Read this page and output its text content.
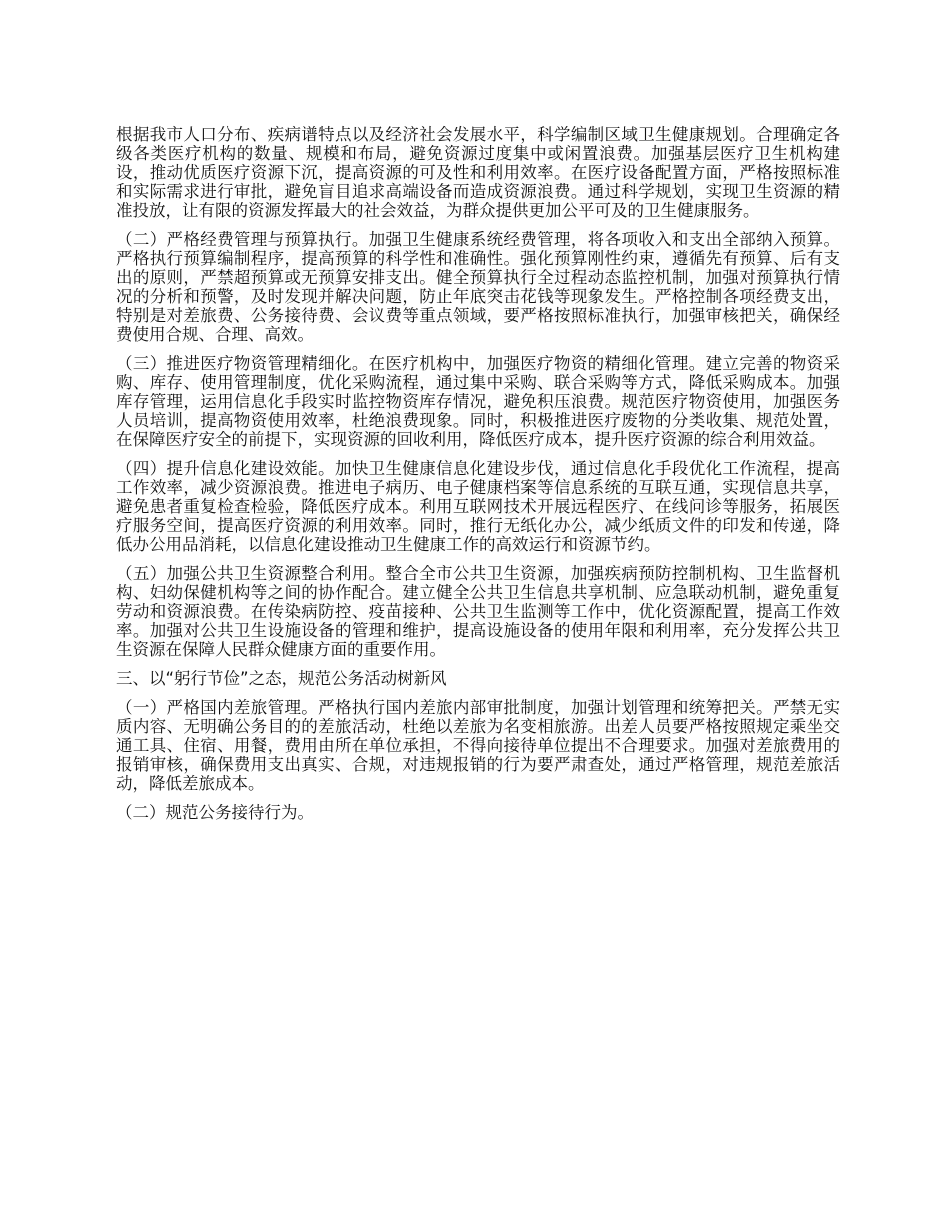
根据我市人口分布、疾病谱特点以及经济社会发展水平，科学编制区域卫生健康规划。合理确定各级各类医疗机构的数量、规模和布局，避免资源过度集中或闲置浪费。加强基层医疗卫生机构建设，推动优质医疗资源下沉，提高资源的可及性和利用效率。在医疗设备配置方面，严格按照标准和实际需求进行审批，避免盲目追求高端设备而造成资源浪费。通过科学规划，实现卫生资源的精准投放，让有限的资源发挥最大的社会效益，为群众提供更加公平可及的卫生健康服务。

（二）严格经费管理与预算执行。加强卫生健康系统经费管理，将各项收入和支出全部纳入预算。严格执行预算编制程序，提高预算的科学性和准确性。强化预算刚性约束，遵循先有预算、后有支出的原则，严禁超预算或无预算安排支出。健全预算执行全过程动态监控机制，加强对预算执行情况的分析和预警，及时发现并解决问题，防止年底突击花钱等现象发生。严格控制各项经费支出，特别是对差旅费、公务接待费、会议费等重点领域，要严格按照标准执行，加强审核把关，确保经费使用合规、合理、高效。

（三）推进医疗物资管理精细化。在医疗机构中，加强医疗物资的精细化管理。建立完善的物资采购、库存、使用管理制度，优化采购流程，通过集中采购、联合采购等方式，降低采购成本。加强库存管理，运用信息化手段实时监控物资库存情况，避免积压浪费。规范医疗物资使用，加强医务人员培训，提高物资使用效率，杜绝浪费现象。同时，积极推进医疗废物的分类收集、规范处置，在保障医疗安全的前提下，实现资源的回收利用，降低医疗成本，提升医疗资源的综合利用效益。

（四）提升信息化建设效能。加快卫生健康信息化建设步伐，通过信息化手段优化工作流程，提高工作效率，减少资源浪费。推进电子病历、电子健康档案等信息系统的互联互通，实现信息共享，避免患者重复检查检验，降低医疗成本。利用互联网技术开展远程医疗、在线问诊等服务，拓展医疗服务空间，提高医疗资源的利用效率。同时，推行无纸化办公，减少纸质文件的印发和传递，降低办公用品消耗，以信息化建设推动卫生健康工作的高效运行和资源节约。

（五）加强公共卫生资源整合利用。整合全市公共卫生资源，加强疾病预防控制机构、卫生监督机构、妇幼保健机构等之间的协作配合。建立健全公共卫生信息共享机制、应急联动机制，避免重复劳动和资源浪费。在传染病防控、疫苗接种、公共卫生监测等工作中，优化资源配置，提高工作效率。加强对公共卫生设施设备的管理和维护，提高设施设备的使用年限和利用率，充分发挥公共卫生资源在保障人民群众健康方面的重要作用。

三、以“躬行节俭”之态，规范公务活动树新风

（一）严格国内差旅管理。严格执行国内差旅内部审批制度，加强计划管理和统筹把关。严禁无实质内容、无明确公务目的的差旅活动，杜绝以差旅为名变相旅游。出差人员要严格按照规定乘坐交通工具、住宿、用餐，费用由所在单位承担，不得向接待单位提出不合理要求。加强对差旅费用的报销审核，确保费用支出真实、合规，对违规报销的行为要严肃查处，通过严格管理，规范差旅活动，降低差旅成本。

（二）规范公务接待行为。
